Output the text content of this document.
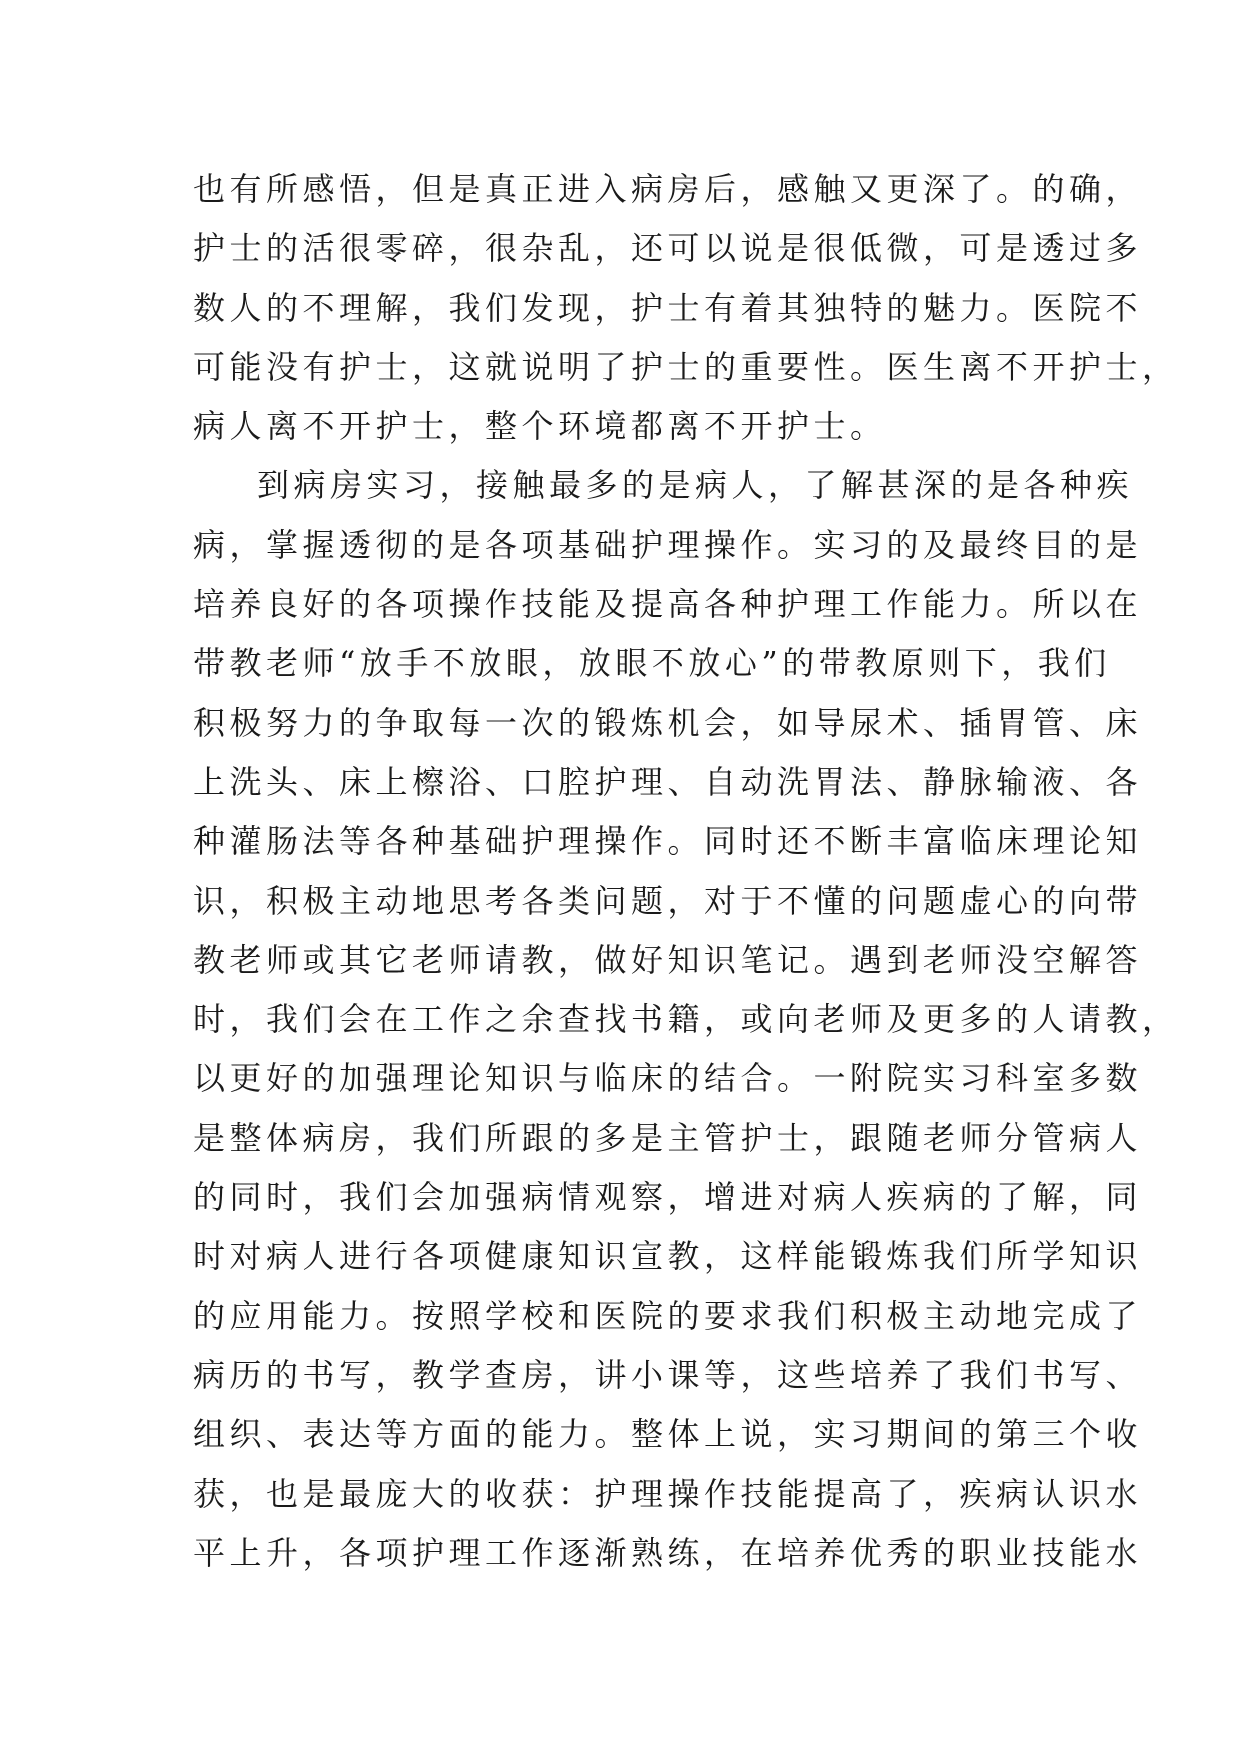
也有所感悟，但是真正进入病房后，感触又更深了。的确，
护士的活很零碎，很杂乱，还可以说是很低微，可是透过多
数人的不理解，我们发现，护士有着其独特的魅力。医院不
可能没有护士，这就说明了护士的重要性。医生离不开护士，
病人离不开护士，整个环境都离不开护士。
到病房实习，接触最多的是病人，了解甚深的是各种疾
病，掌握透彻的是各项基础护理操作。实习的及最终目的是
培养良好的各项操作技能及提高各种护理工作能力。所以在
带教老师“放手不放眼，放眼不放心”的带教原则下，我们
积极努力的争取每一次的锻炼机会，如导尿术、插胃管、床
上洗头、床上檫浴、口腔护理、自动洗胃法、静脉输液、各
种灌肠法等各种基础护理操作。同时还不断丰富临床理论知
识，积极主动地思考各类问题，对于不懂的问题虚心的向带
教老师或其它老师请教，做好知识笔记。遇到老师没空解答
时，我们会在工作之余查找书籍，或向老师及更多的人请教，
以更好的加强理论知识与临床的结合。一附院实习科室多数
是整体病房，我们所跟的多是主管护士，跟随老师分管病人
的同时，我们会加强病情观察，增进对病人疾病的了解，同
时对病人进行各项健康知识宣教，这样能锻炼我们所学知识
的应用能力。按照学校和医院的要求我们积极主动地完成了
病历的书写，教学查房，讲小课等，这些培养了我们书写、
组织、表达等方面的能力。整体上说，实习期间的第三个收
获，也是最庞大的收获：护理操作技能提高了，疾病认识水
平上升，各项护理工作逐渐熟练，在培养优秀的职业技能水
